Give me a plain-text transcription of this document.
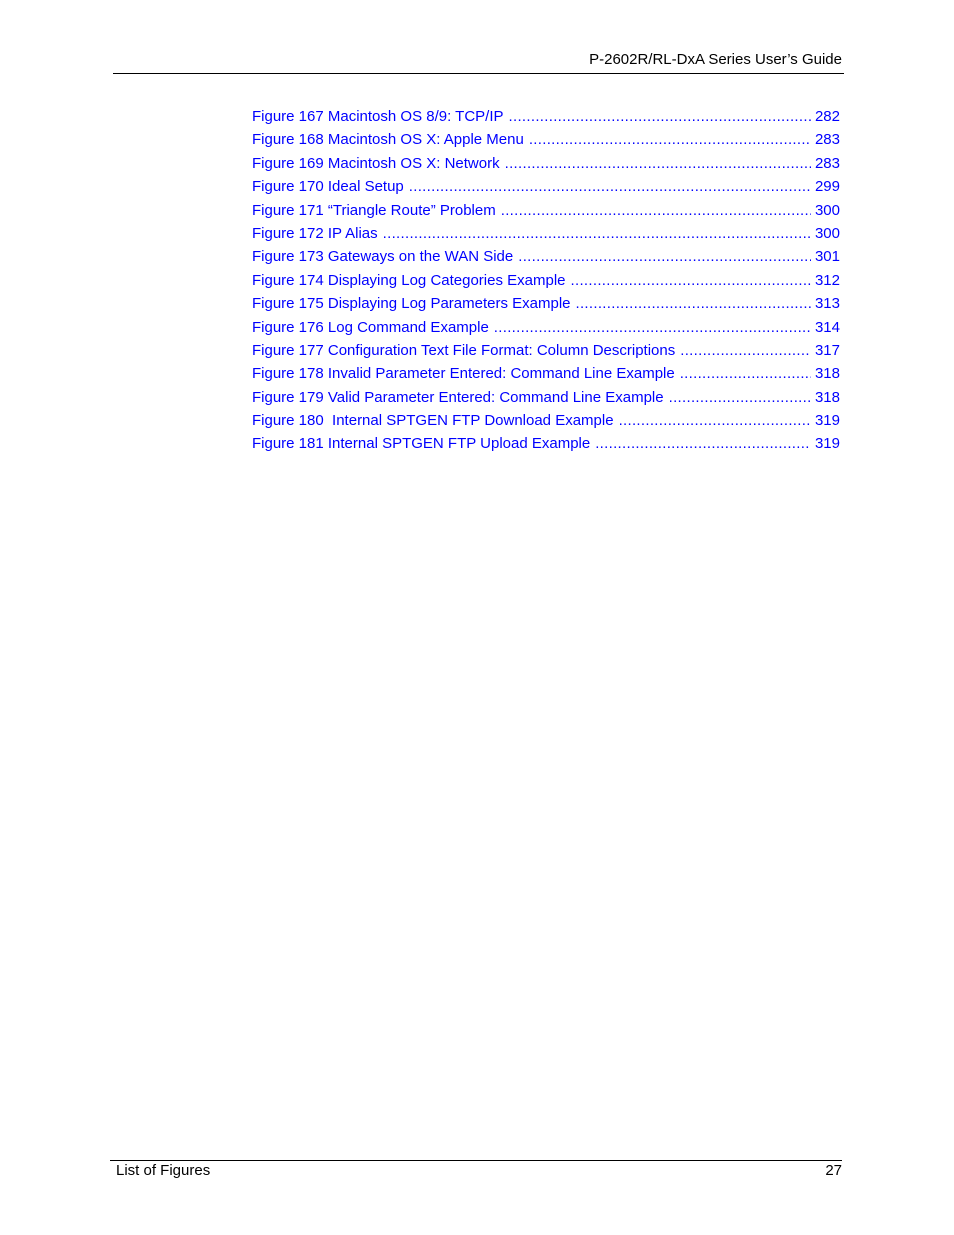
P-2602R/RL-DxA Series User’s Guide
Figure 167 Macintosh OS 8/9: TCP/IP .....	282
Figure 168 Macintosh OS X: Apple Menu .....	283
Figure 169 Macintosh OS X: Network .....	283
Figure 170 Ideal Setup .....	299
Figure 171 “Triangle Route” Problem .....	300
Figure 172 IP Alias .....	300
Figure 173 Gateways on the WAN Side .....	301
Figure 174 Displaying Log Categories Example .....	312
Figure 175 Displaying Log Parameters Example .....	313
Figure 176 Log Command Example .....	314
Figure 177 Configuration Text File Format: Column Descriptions .....	317
Figure 178 Invalid Parameter Entered: Command Line Example .....	318
Figure 179 Valid Parameter Entered: Command Line Example .....	318
Figure 180  Internal SPTGEN FTP Download Example .....	319
Figure 181 Internal SPTGEN FTP Upload Example .....	319
List of Figures	27
